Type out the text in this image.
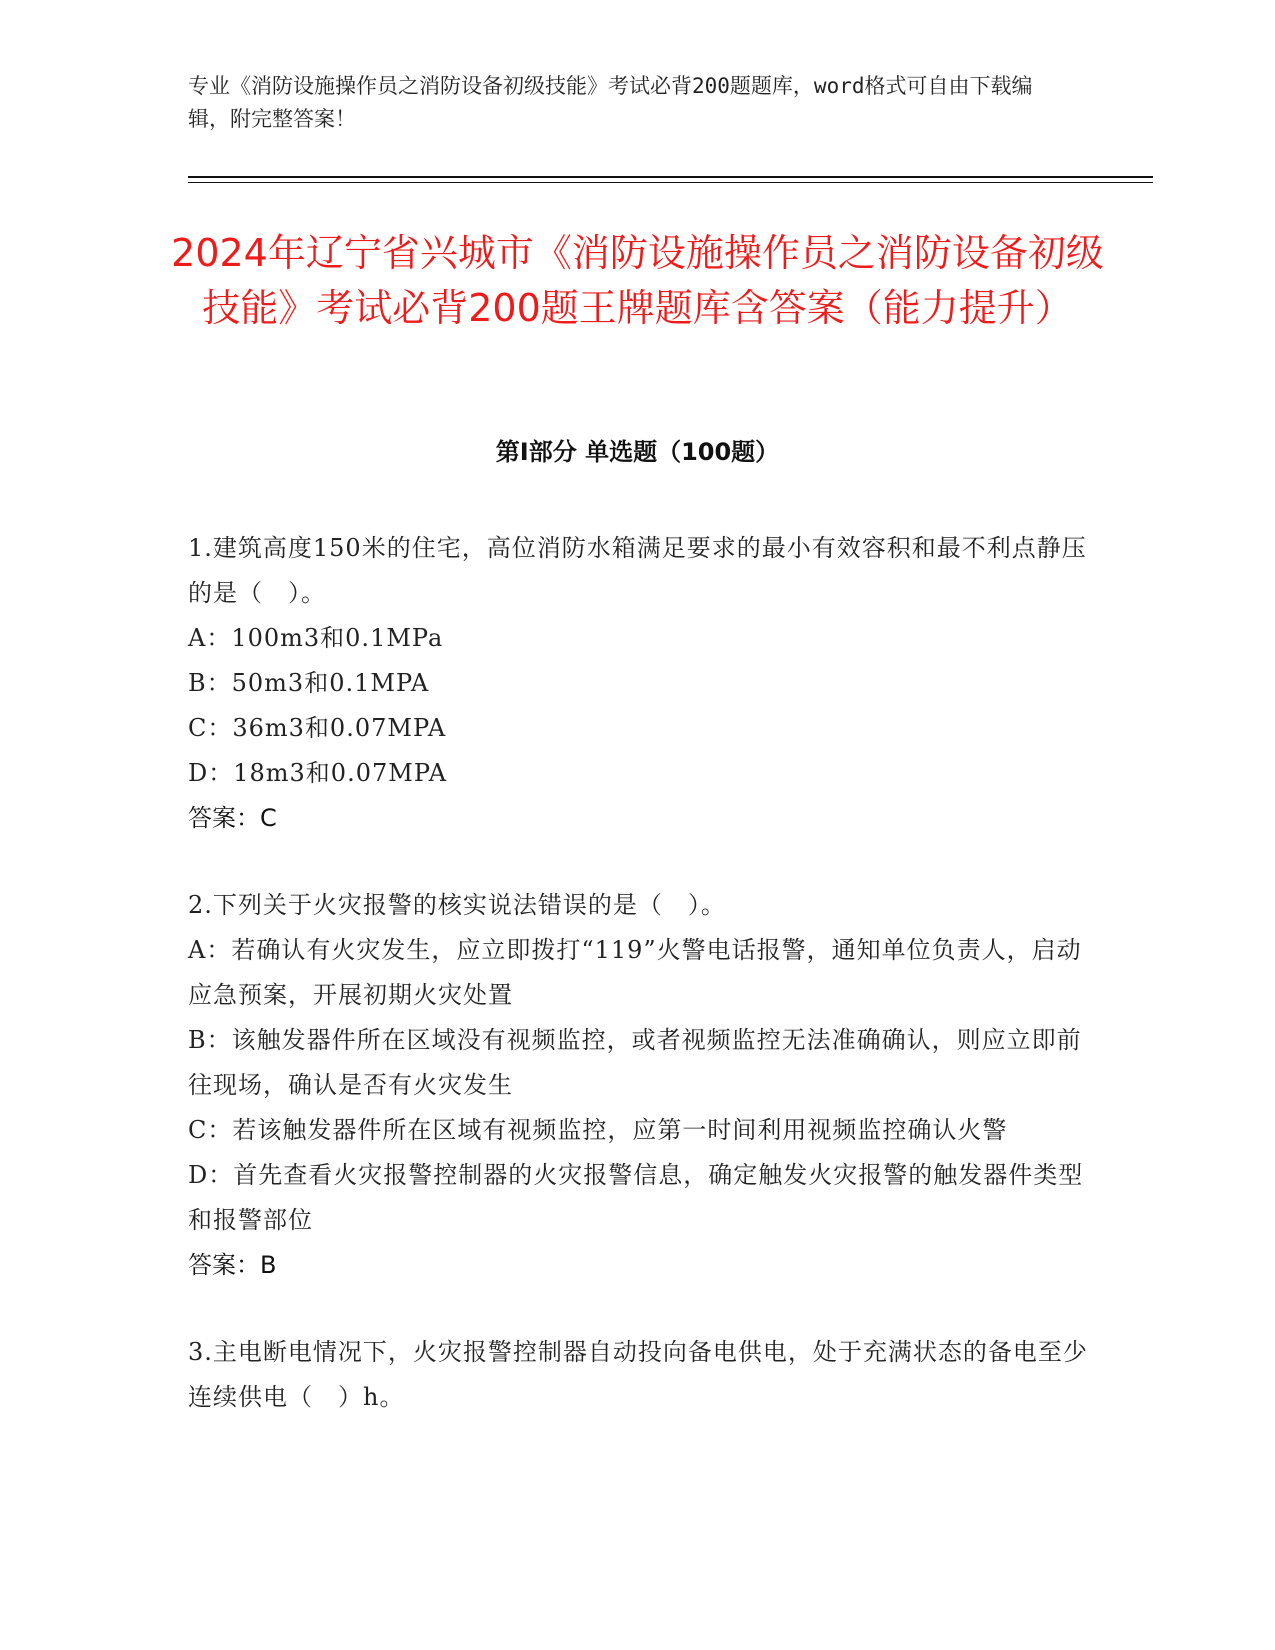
专业《消防设施操作员之消防设备初级技能》考试必背200题题库，word格式可自由下载编辑，附完整答案！

2024年辽宁省兴城市《消防设施操作员之消防设备初级技能》考试必背200题王牌题库含答案（能力提升）
第I部分 单选题（100题）

1.建筑高度150米的住宅，高位消防水箱满足要求的最小有效容积和最不利点静压的是（　）。

A：100m3和0.1MPa

B：50m3和0.1MPA

C：36m3和0.07MPA

D：18m3和0.07MPA

答案：C

2.下列关于火灾报警的核实说法错误的是（　）。

A：若确认有火灾发生，应立即拨打“119”火警电话报警，通知单位负责人，启动应急预案，开展初期火灾处置

B：该触发器件所在区域没有视频监控，或者视频监控无法准确确认，则应立即前往现场，确认是否有火灾发生

C：若该触发器件所在区域有视频监控，应第一时间利用视频监控确认火警

D：首先查看火灾报警控制器的火灾报警信息，确定触发火灾报警的触发器件类型和报警部位

答案：B

3.主电断电情况下，火灾报警控制器自动投向备电供电，处于充满状态的备电至少连续供电（　）h。
